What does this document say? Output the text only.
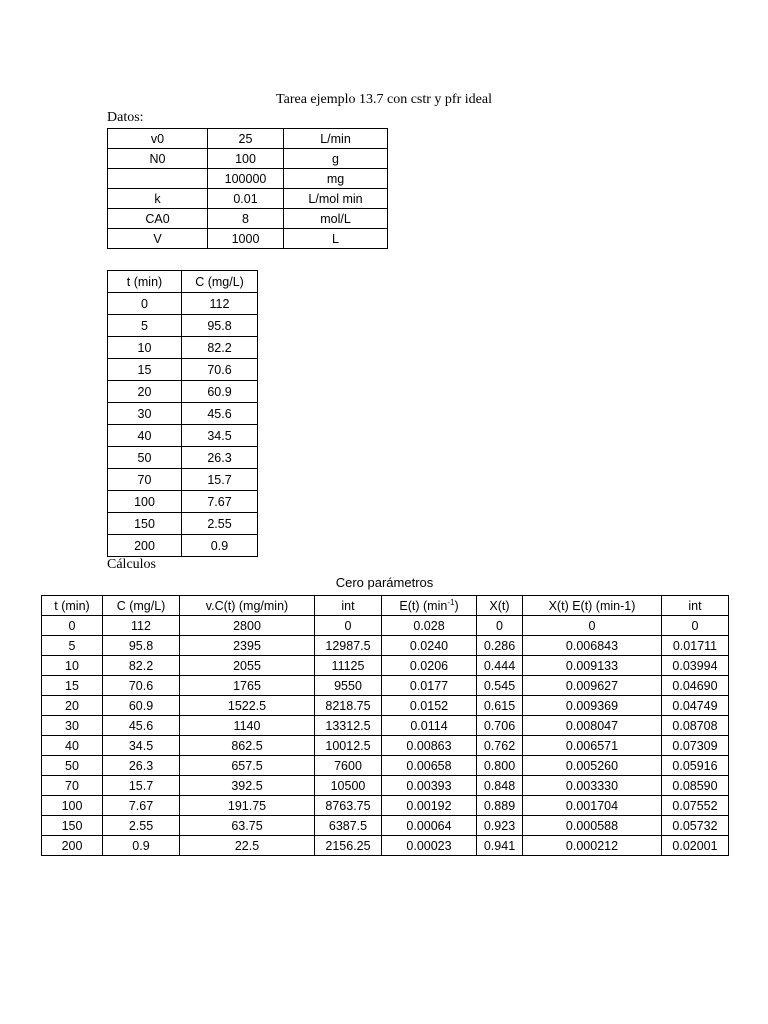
Tarea ejemplo 13.7 con cstr y pfr ideal
Datos:
v0	25	L/min
N0	100	g
	100000	mg
k	0.01	L/mol min
CA0	8	mol/L
V	1000	L
t (min)	C (mg/L)
0	112
5	95.8
10	82.2
15	70.6
20	60.9
30	45.6
40	34.5
50	26.3
70	15.7
100	7.67
150	2.55
200	0.9
Cálculos
Cero parámetros
t (min)	C (mg/L)	v.C(t) (mg/min)	int	E(t) $(\min^{-1})$	X(t)	X(t) E(t) (min-1)	int
0	112	2800	0	0.028	0	0	0
5	95.8	2395	12987.5	0.0240	0.286	0.006843	0.01711
10	82.2	2055	11125	0.0206	0.444	0.009133	0.03994
15	70.6	1765	9550	0.0177	0.545	0.009627	0.04690
20	60.9	1522.5	8218.75	0.0152	0.615	0.009369	0.04749
30	45.6	1140	13312.5	0.0114	0.706	0.008047	0.08708
40	34.5	862.5	10012.5	0.00863	0.762	0.006571	0.07309
50	26.3	657.5	7600	0.00658	0.800	0.005260	0.05916
70	15.7	392.5	10500	0.00393	0.848	0.003330	0.08590
100	7.67	191.75	8763.75	0.00192	0.889	0.001704	0.07552
150	2.55	63.75	6387.5	0.00064	0.923	0.000588	0.05732
200	0.9	22.5	2156.25	0.00023	0.941	0.000212	0.02001
